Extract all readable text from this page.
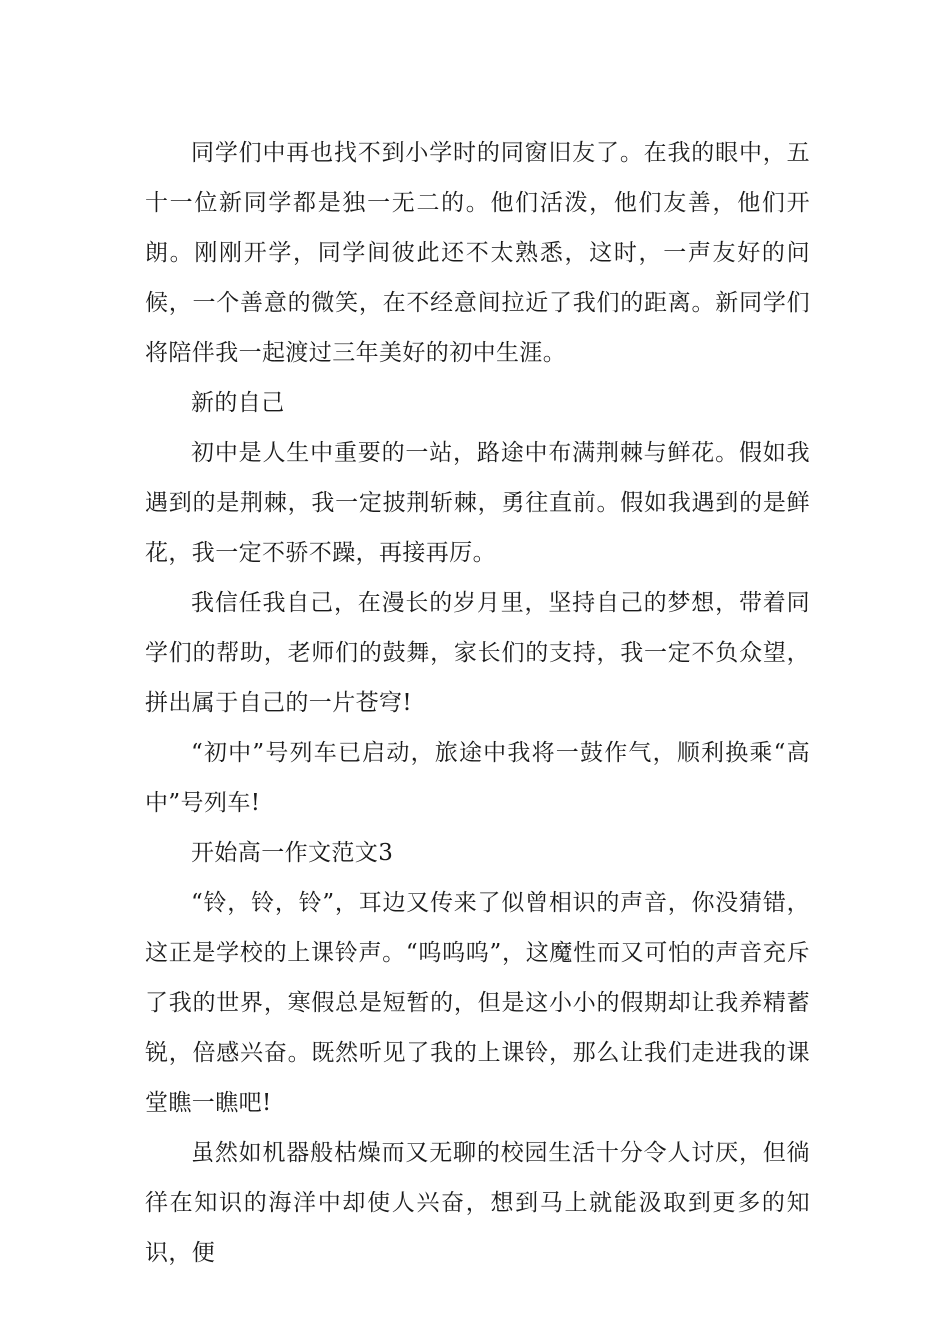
同学们中再也找不到小学时的同窗旧友了。在我的眼中，五十一位新同学都是独一无二的。他们活泼，他们友善，他们开朗。刚刚开学，同学间彼此还不太熟悉，这时，一声友好的问候，一个善意的微笑，在不经意间拉近了我们的距离。新同学们将陪伴我一起渡过三年美好的初中生涯。

新的自己

初中是人生中重要的一站，路途中布满荆棘与鲜花。假如我遇到的是荆棘，我一定披荆斩棘，勇往直前。假如我遇到的是鲜花，我一定不骄不躁，再接再厉。

我信任我自己，在漫长的岁月里，坚持自己的梦想，带着同学们的帮助，老师们的鼓舞，家长们的支持，我一定不负众望，拼出属于自己的一片苍穹!

“初中”号列车已启动，旅途中我将一鼓作气，顺利换乘“高中”号列车!

开始高一作文范文3

“铃，铃，铃”，耳边又传来了似曾相识的声音，你没猜错，这正是学校的上课铃声。“呜呜呜”，这魔性而又可怕的声音充斥了我的世界，寒假总是短暂的，但是这小小的假期却让我养精蓄锐，倍感兴奋。既然听见了我的上课铃，那么让我们走进我的课堂瞧一瞧吧!

虽然如机器般枯燥而又无聊的校园生活十分令人讨厌，但徜徉在知识的海洋中却使人兴奋，想到马上就能汲取到更多的知识，便
